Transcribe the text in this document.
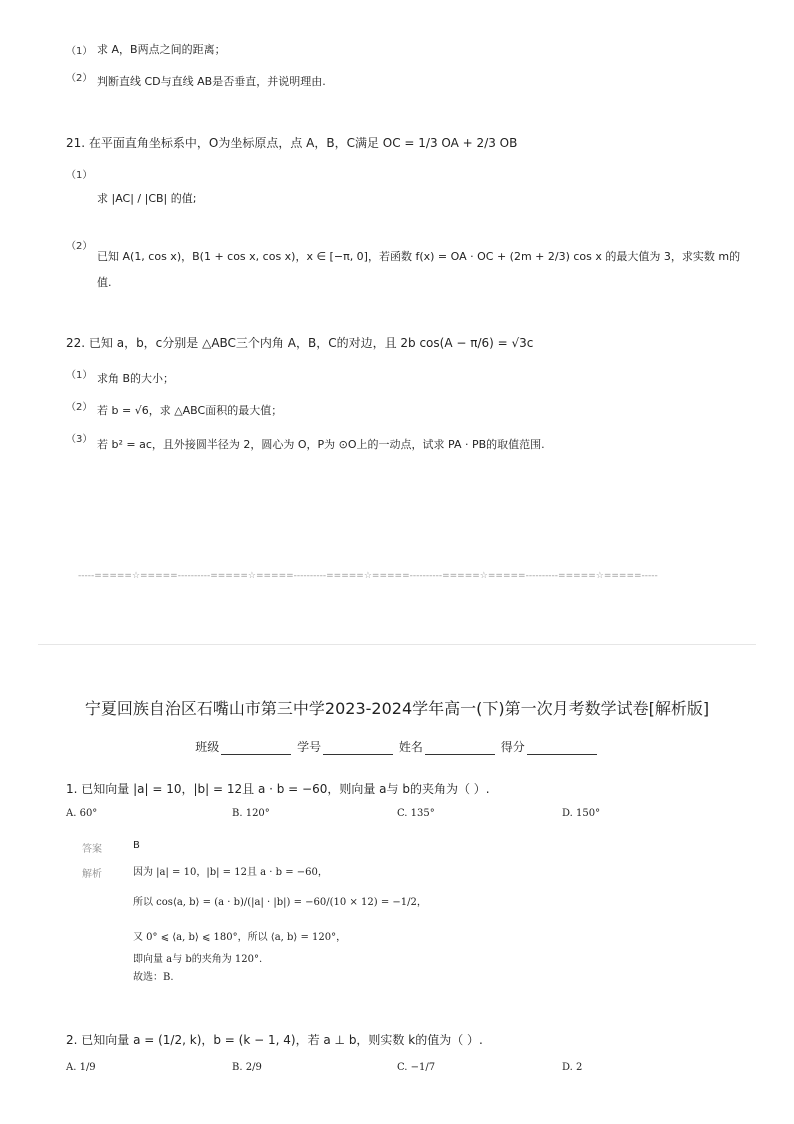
（1） 求 A，B两点之间的距离；
（2） 判断直线 CD与直线 AB是否垂直，并说明理由.
21. 在平面直角坐标系中，O为坐标原点，点 A，B，C满足 OC = 1/3 OA + 2/3 OB
（1）
求 |AC| / |CB| 的值;
（2）
已知 A(1, cos x)，B(1 + cos x, cos x)，x ∈ [−π, 0]，若函数 f(x) = OA · OC + (2m + 2/3) cos x 的最大值为 3，求实数 m的
值.
22. 已知 a，b，c分别是 △ABC三个内角 A，B，C的对边，且 2b cos(A − π/6) = √3c
（1） 求角 B的大小；
（2） 若 b = √6，求 △ABC面积的最大值；
（3） 若 b² = ac，且外接圆半径为 2，圆心为 O，P为 ⊙O上的一动点，试求 PA · PB的取值范围.
-----=====☆=====----------=====☆=====----------=====☆=====----------=====☆=====----------=====☆=====-----
宁夏回族自治区石嘴山市第三中学2023-2024学年高一(下)第一次月考数学试卷[解析版]
班级	学号	姓名	得分
1. 已知向量 |a| = 10，|b| = 12且 a · b = −60，则向量 a与 b的夹角为（ ）.
A. 60°	B. 120°	C. 135°	D. 150°
答案	B
解析	因为 |a| = 10，|b| = 12且 a · b = −60，
所以 cos⟨a, b⟩ = (a · b)/(|a| · |b|) = −60/(10 × 12) = −1/2，
又 0° ⩽ ⟨a, b⟩ ⩽ 180°，所以 ⟨a, b⟩ = 120°，
即向量 a与 b的夹角为 120°.
故选：B.
2. 已知向量 a = (1/2, k)，b = (k − 1, 4)，若 a ⊥ b，则实数 k的值为（ ）.
A. 1/9	B. 2/9	C. −1/7	D. 2
